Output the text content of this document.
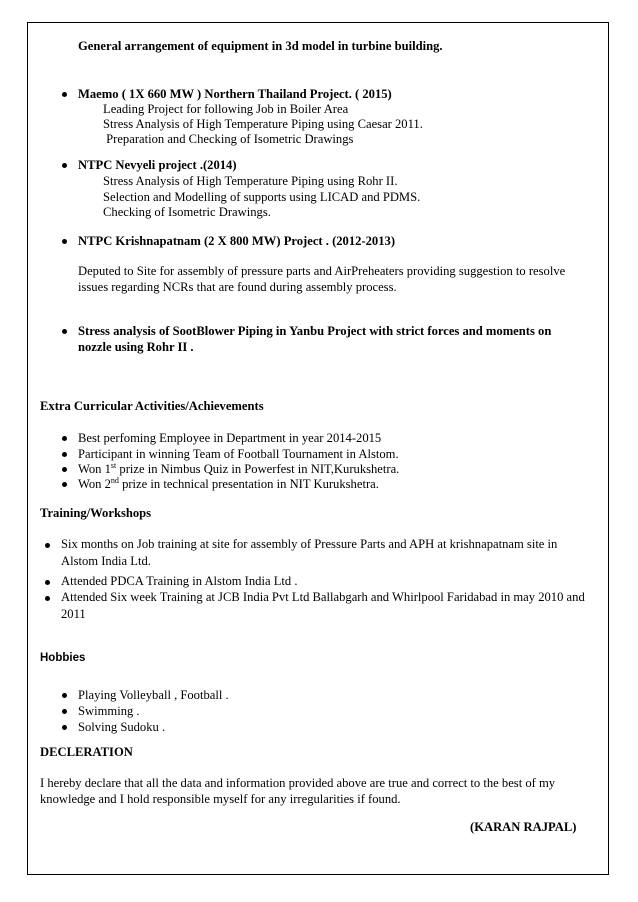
General arrangement of equipment in 3d model in turbine building.
Maemo ( 1X 660 MW ) Northern Thailand Project. ( 2015)
Leading Project for following Job in Boiler Area
Stress Analysis of High Temperature Piping using Caesar 2011.
Preparation and Checking of Isometric Drawings
NTPC Nevyeli project .(2014)
Stress Analysis of High Temperature Piping using Rohr II.
Selection and Modelling of supports using LICAD and PDMS.
Checking of Isometric Drawings.
NTPC Krishnapatnam (2 X 800 MW) Project . (2012-2013)
Deputed to Site for assembly of pressure parts and AirPreheaters providing suggestion to resolve
issues regarding NCRs that are found during assembly process.
Stress analysis of SootBlower Piping in Yanbu Project with strict forces and moments on
nozzle using Rohr II .
Extra Curricular Activities/Achievements
Best perfoming Employee in Department in year 2014-2015
Participant in winning Team of Football Tournament in Alstom.
Won 1st prize in Nimbus Quiz in Powerfest in NIT,Kurukshetra.
Won 2nd prize in technical presentation in NIT Kurukshetra.
Training/Workshops
Six months on Job training at site for assembly of Pressure Parts and APH at krishnapatnam site in
Alstom India Ltd.
Attended PDCA Training in Alstom India Ltd .
Attended Six week Training at JCB India Pvt Ltd Ballabgarh and Whirlpool Faridabad in may 2010 and
2011
Hobbies
Playing Volleyball , Football .
Swimming .
Solving Sudoku .
DECLERATION
I hereby declare that all the data and information provided above are true and correct to the best of my
knowledge and I hold responsible myself for any irregularities if found.
(KARAN RAJPAL)
